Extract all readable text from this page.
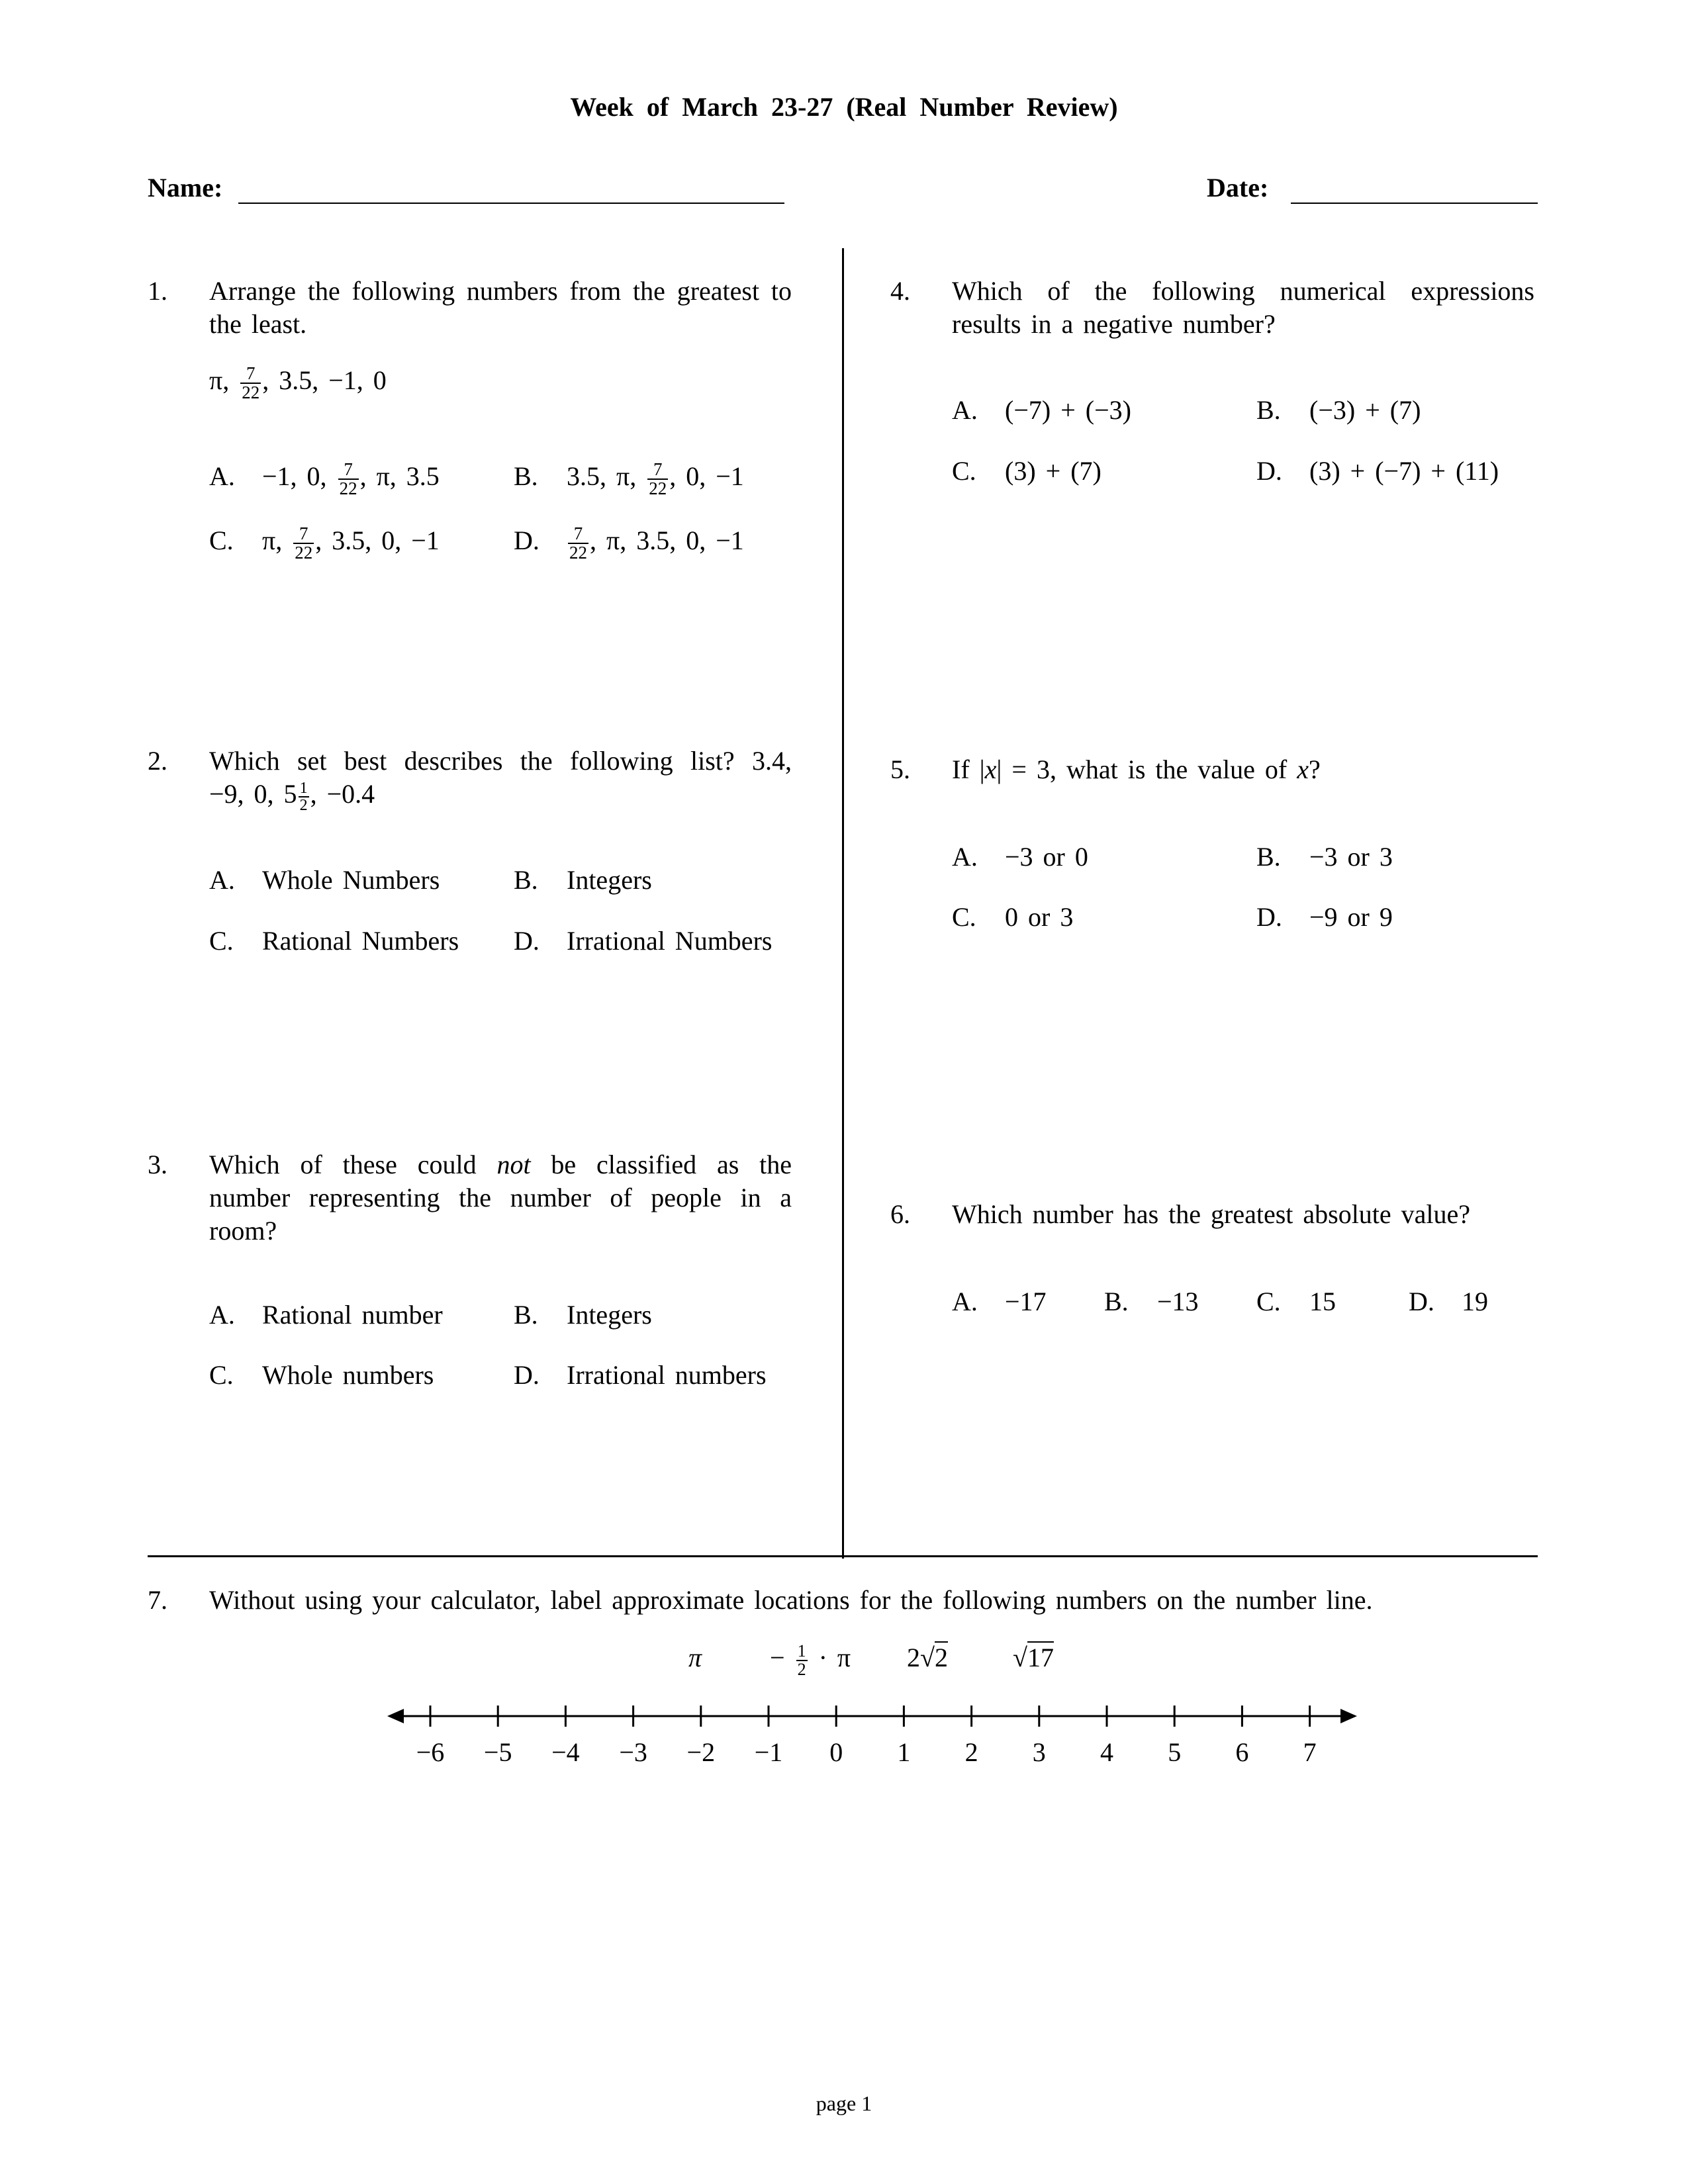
Week of March 23-27 (Real Number Review)
Name:	Date:
1. Arrange the following numbers from the greatest to the least.
π, $\frac{7}{22}$ , 3.5, −1, 0
A. −1, 0, $\frac{7}{22}$ , π, 3.5	B. 3.5, π, $\frac{7}{22}$ , 0, −1
C. π, $\frac{7}{22}$ , 3.5, 0, −1	D. $\frac{7}{22}$ , π, 3.5, 0, −1
2. Which set best describes the following list? 3.4,
−9, 0, $5 \frac{1}{2}$ , −0.4
A. Whole Numbers	B. Integers
C. Rational Numbers D. Irrational Numbers
3. Which of these could not be classified as the number representing the number of people in a room?
A. Rational number	B. Integers
C. Whole numbers	D. Irrational numbers
4. Which of the following numerical expressions results in a negative number?
A. (−7) + (−3)	B. (−3) + (7)
C. (3) + (7)	D. (3) + (−7) + (11)
5. If |x| = 3, what is the value of x?
A. −3 or 0	B. −3 or 3
C. 0 or 3	D. −9 or 9
6. Which number has the greatest absolute value?
A. −17 B. −13 C. 15	D. 19
7. Without using your calculator, label approximate locations for the following numbers on the number line.
π	− $\frac{1}{2} \cdot \pi$ 2√2 √17
−6 −5 −4 −3 −2 −1 0 1 2 3 4 5 6 7
page 1
